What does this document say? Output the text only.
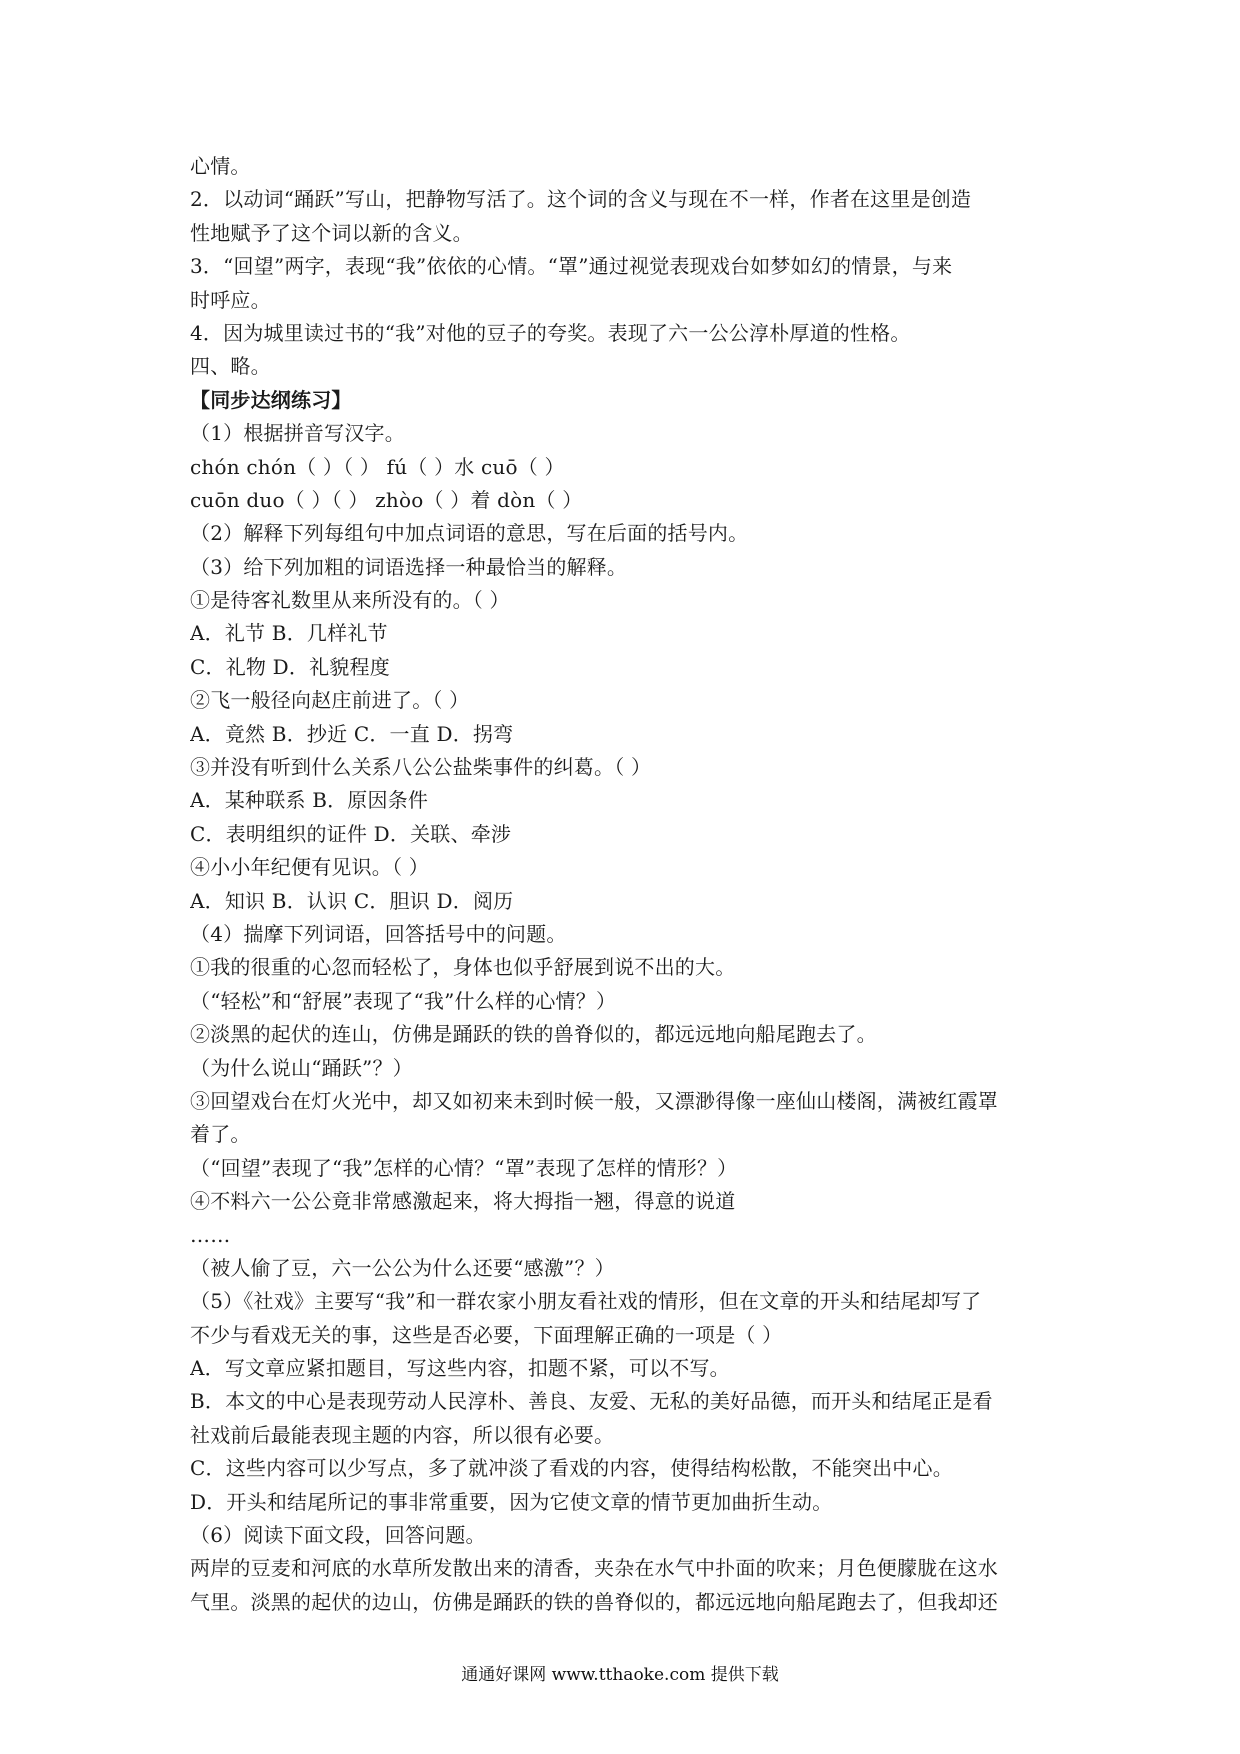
心情。
2．以动词“踊跃”写山，把静物写活了。这个词的含义与现在不一样，作者在这里是创造
性地赋予了这个词以新的含义。
3．“回望”两字，表现“我”依依的心情。“罩”通过视觉表现戏台如梦如幻的情景，与来
时呼应。
4．因为城里读过书的“我”对他的豆子的夸奖。表现了六一公公淳朴厚道的性格。
四、略。
【同步达纲练习】
（1）根据拼音写汉字。
chón chón（ ）（ ） fú（ ）水 cuō（ ）
cuōn duo（ ）（ ） zhòo（ ）着 dòn（ ）
（2）解释下列每组句中加点词语的意思，写在后面的括号内。
（3）给下列加粗的词语选择一种最恰当的解释。
①是待客礼数里从来所没有的。（ ）
A．礼节 B．几样礼节
C．礼物 D．礼貌程度
②飞一般径向赵庄前进了。（ ）
A．竟然 B．抄近 C．一直 D．拐弯
③并没有听到什么关系八公公盐柴事件的纠葛。（ ）
A．某种联系 B．原因条件
C．表明组织的证件 D．关联、牵涉
④小小年纪便有见识。（ ）
A．知识 B．认识 C．胆识 D．阅历
（4）揣摩下列词语，回答括号中的问题。
①我的很重的心忽而轻松了，身体也似乎舒展到说不出的大。
（“轻松”和“舒展”表现了“我”什么样的心情？）
②淡黑的起伏的连山，仿佛是踊跃的铁的兽脊似的，都远远地向船尾跑去了。
（为什么说山“踊跃”？）
③回望戏台在灯火光中，却又如初来未到时候一般，又漂渺得像一座仙山楼阁，满被红霞罩
着了。
（“回望”表现了“我”怎样的心情？“罩”表现了怎样的情形？）
④不料六一公公竟非常感激起来，将大拇指一翘，得意的说道
……
（被人偷了豆，六一公公为什么还要“感激”？）
（5）《社戏》主要写“我”和一群农家小朋友看社戏的情形，但在文章的开头和结尾却写了
不少与看戏无关的事，这些是否必要，下面理解正确的一项是（ ）
A．写文章应紧扣题目，写这些内容，扣题不紧，可以不写。
B．本文的中心是表现劳动人民淳朴、善良、友爱、无私的美好品德，而开头和结尾正是看
社戏前后最能表现主题的内容，所以很有必要。
C．这些内容可以少写点，多了就冲淡了看戏的内容，使得结构松散，不能突出中心。
D．开头和结尾所记的事非常重要，因为它使文章的情节更加曲折生动。
（6）阅读下面文段，回答问题。
两岸的豆麦和河底的水草所发散出来的清香，夹杂在水气中扑面的吹来；月色便朦胧在这水
气里。淡黑的起伏的边山，仿佛是踊跃的铁的兽脊似的，都远远地向船尾跑去了，但我却还
通通好课网 www.tthaoke.com 提供下载
